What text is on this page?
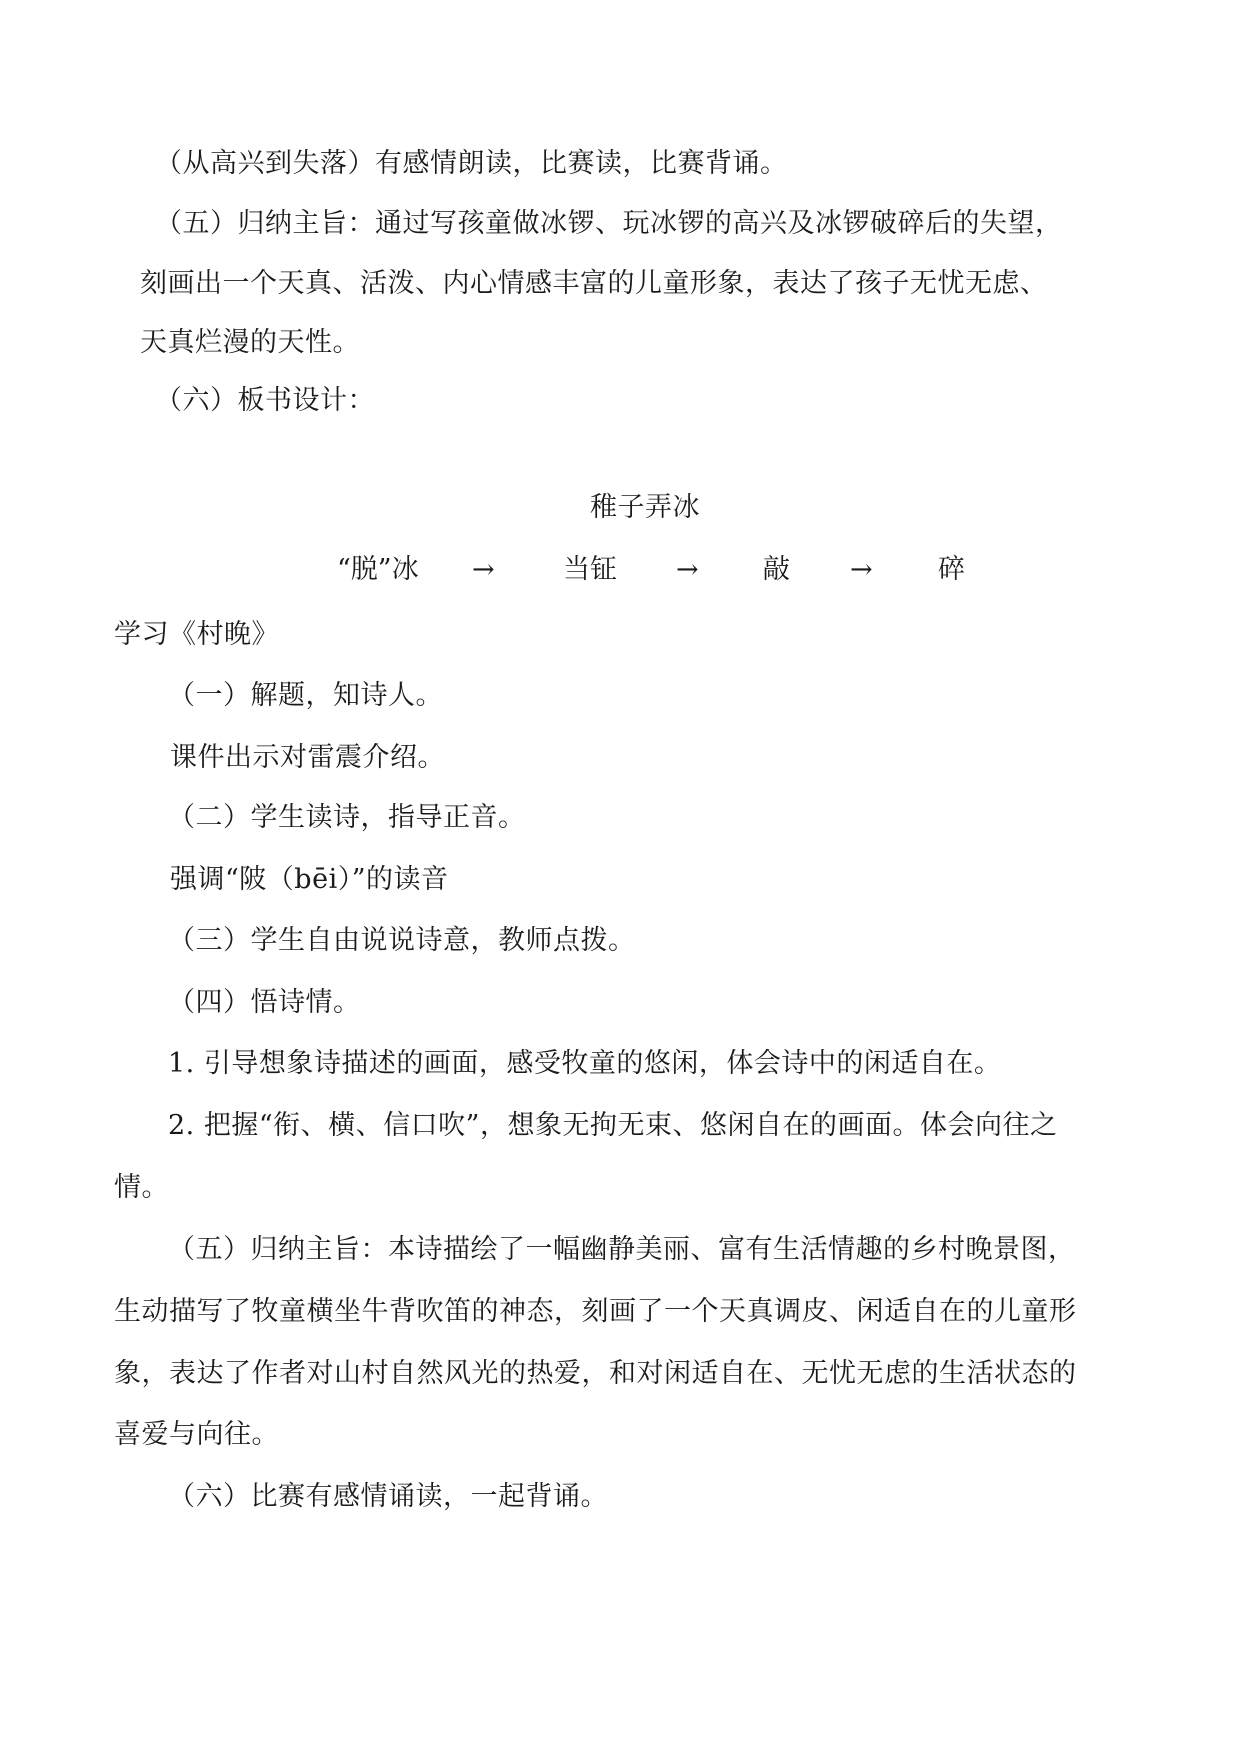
（从高兴到失落）有感情朗读，比赛读，比赛背诵。
（五）归纳主旨：通过写孩童做冰锣、玩冰锣的高兴及冰锣破碎后的失望，
刻画出一个天真、活泼、内心情感丰富的儿童形象，表达了孩子无忧无虑、
天真烂漫的天性。
（六）板书设计：
稚子弄冰
“脱”冰 →	当钲 → 敲 → 碎
学习《村晚》
（一）解题，知诗人。
课件出示对雷震介绍。
（二）学生读诗，指导正音。
强调“陂（bēi）”的读音
（三）学生自由说说诗意，教师点拨。
（四）悟诗情。
1. 引导想象诗描述的画面，感受牧童的悠闲，体会诗中的闲适自在。
2. 把握“衔、横、信口吹”，想象无拘无束、悠闲自在的画面。体会向往之
情。
（五）归纳主旨：本诗描绘了一幅幽静美丽、富有生活情趣的乡村晚景图，
生动描写了牧童横坐牛背吹笛的神态，刻画了一个天真调皮、闲适自在的儿童形
象，表达了作者对山村自然风光的热爱，和对闲适自在、无忧无虑的生活状态的
喜爱与向往。
（六）比赛有感情诵读，一起背诵。
